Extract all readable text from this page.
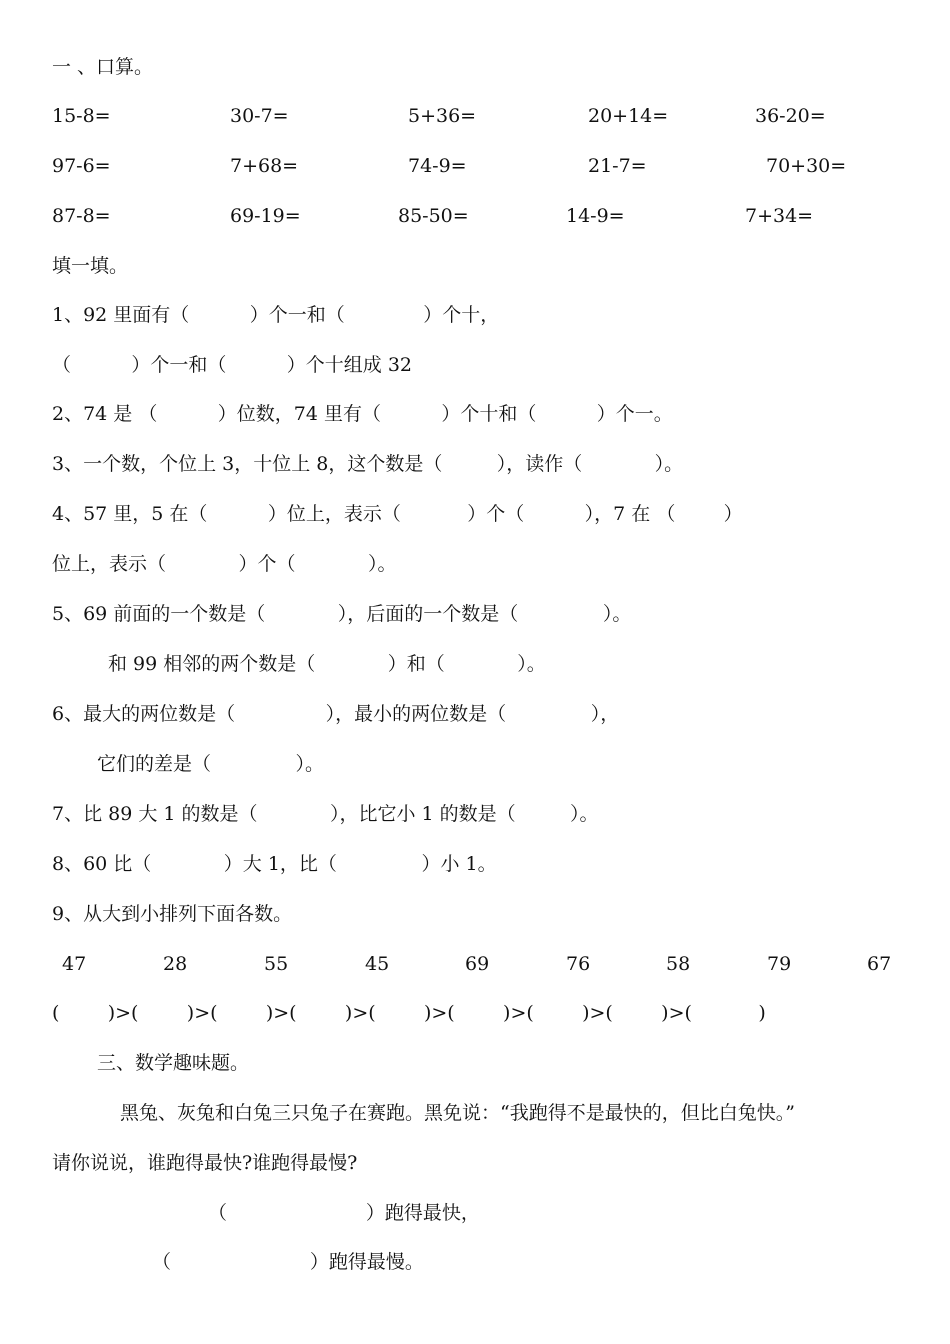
一 、口算。
15-8=	30-7=	5+36=	20+14=	36-20=
97-6=	7+68=	74-9=	21-7=	70+30=
87-8=	69-19=	85-50=	14-9=	7+34=
填一填。
1、92 里面有（          ）个一和（             ）个十，
（          ）个一和（          ）个十组成 32
2、74 是 （          ）位数，74 里有（          ）个十和（          ）个一。
3、一个数，个位上 3，十位上 8，这个数是（         ），读作（            ）。
4、57 里，5 在（          ）位上，表示（           ）个（          ），7 在 （        ）
位上，表示（            ）个（            ）。
5、69 前面的一个数是（            ），后面的一个数是（              ）。
和 99 相邻的两个数是（            ）和（            ）。
6、最大的两位数是（               ），最小的两位数是（              ），
它们的差是（              ）。
7、比 89 大 1 的数是（            ），比它小 1 的数是（         ）。
8、60 比（            ）大 1，比（              ）小 1。
9、从大到小排列下面各数。
47	28	55	45	69	76	58	79	67
(        )>(        )>(        )>(        )>(        )>(        )>(        )>(        )>(           )
三、数学趣味题。
黑兔、灰兔和白兔三只兔子在赛跑。黑免说：“我跑得不是最快的，但比白兔快。”
请你说说，谁跑得最快?谁跑得最慢?
（                       ）跑得最快，
（                       ）跑得最慢。
